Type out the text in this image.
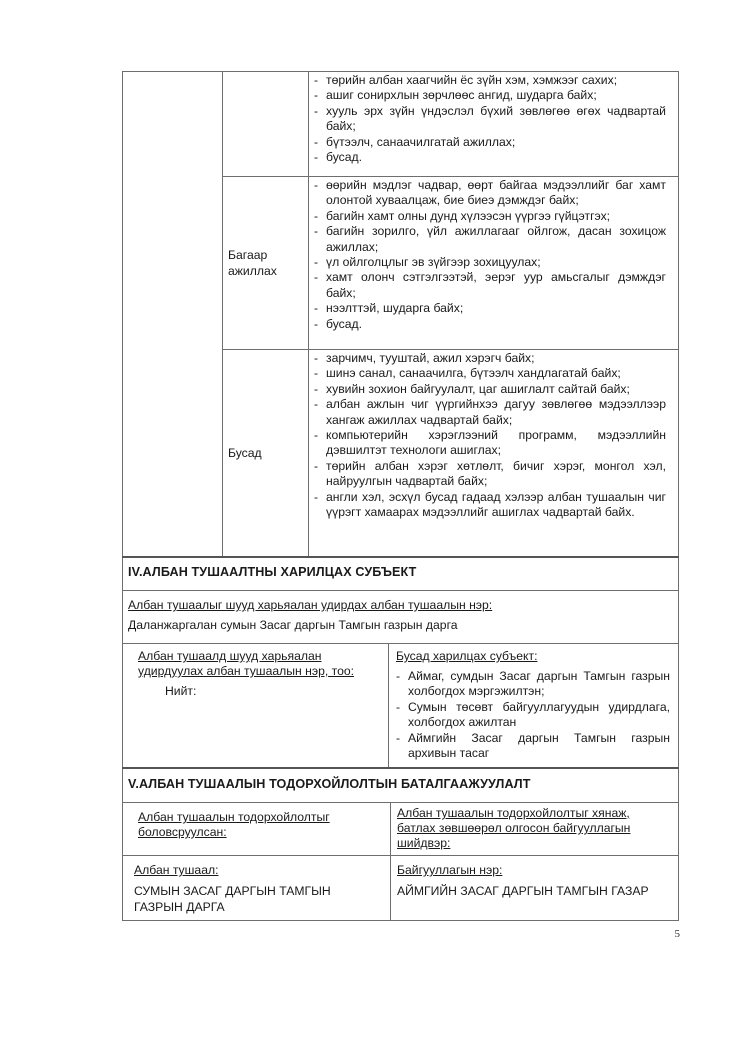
- төрийн албан хаагчийн ёс зүйн хэм, хэмжээг сахих;
- ашиг сонирхлын зөрчлөөс ангид, шударга байх;
- хууль эрх зүйн үндэслэл бүхий зөвлөгөө өгөх чадвартай байх;
- бүтээлч, санаачилгатай ажиллах;
- бусад.
Багаар ажиллах
- өөрийн мэдлэг чадвар, өөрт байгаа мэдээллийг баг хамт олонтой хуваалцаж, бие биеэ дэмждэг байх;
- багийн хамт олны дунд хүлээсэн үүргээ гүйцэтгэх;
- багийн зорилго, үйл ажиллагааг ойлгож, дасан зохицож ажиллах;
- үл ойлголцлыг эв зүйгээр зохицуулах;
- хамт олонч сэтгэлгээтэй, эерэг уур амьсгалыг дэмждэг байх;
- нээлттэй, шударга байх;
- бусад.
Бусад
- зарчимч, тууштай, ажил хэрэгч байх;
- шинэ санал, санаачилга, бүтээлч хандлагатай байх;
- хувийн зохион байгуулалт, цаг ашиглалт сайтай байх;
- албан ажлын чиг үүргийнхээ дагуу зөвлөгөө мэдээллээр хангаж ажиллах чадвартай байх;
- компьютерийн хэрэглээний программ, мэдээллийн дэвшилтэт технологи ашиглах;
- төрийн албан хэрэг хөтлөлт, бичиг хэрэг, монгол хэл, найруулгын чадвартай байх;
- англи хэл, эсхүл бусад гадаад хэлээр албан тушаалын чиг үүрэгт хамаарах мэдээллийг ашиглах чадвартай байх.
IV.АЛБАН ТУШААЛТНЫ ХАРИЛЦАХ СУБЪЕКТ
Албан тушаалыг шууд харьяалан удирдах албан тушаалын нэр:
Даланжаргалан сумын Засаг даргын Тамгын газрын дарга
Албан тушаалд шууд харьяалан
удирдуулах албан тушаалын нэр, тоо:
Нийт:
Бусад харилцах субъект:
- Аймаг, сумдын Засаг даргын Тамгын газрын холбогдох мэргэжилтэн;
- Сумын төсөвт байгууллагуудын удирдлага, холбогдох ажилтан
- Аймгийн Засаг даргын Тамгын газрын архивын тасаг
V.АЛБАН ТУШААЛЫН ТОДОРХОЙЛОЛТЫН БАТАЛГААЖУУЛАЛТ
Албан тушаалын тодорхойлолтыг
боловсруулсан:
Албан тушаалын тодорхойлолтыг хянаж,
батлах зөвшөөрөл олгосон байгууллагын
шийдвэр:
Албан тушаал:
СУМЫН ЗАСАГ ДАРГЫН ТАМГЫН
ГАЗРЫН ДАРГА
Байгууллагын нэр:
АЙМГИЙН ЗАСАГ ДАРГЫН ТАМГЫН ГАЗАР
5
